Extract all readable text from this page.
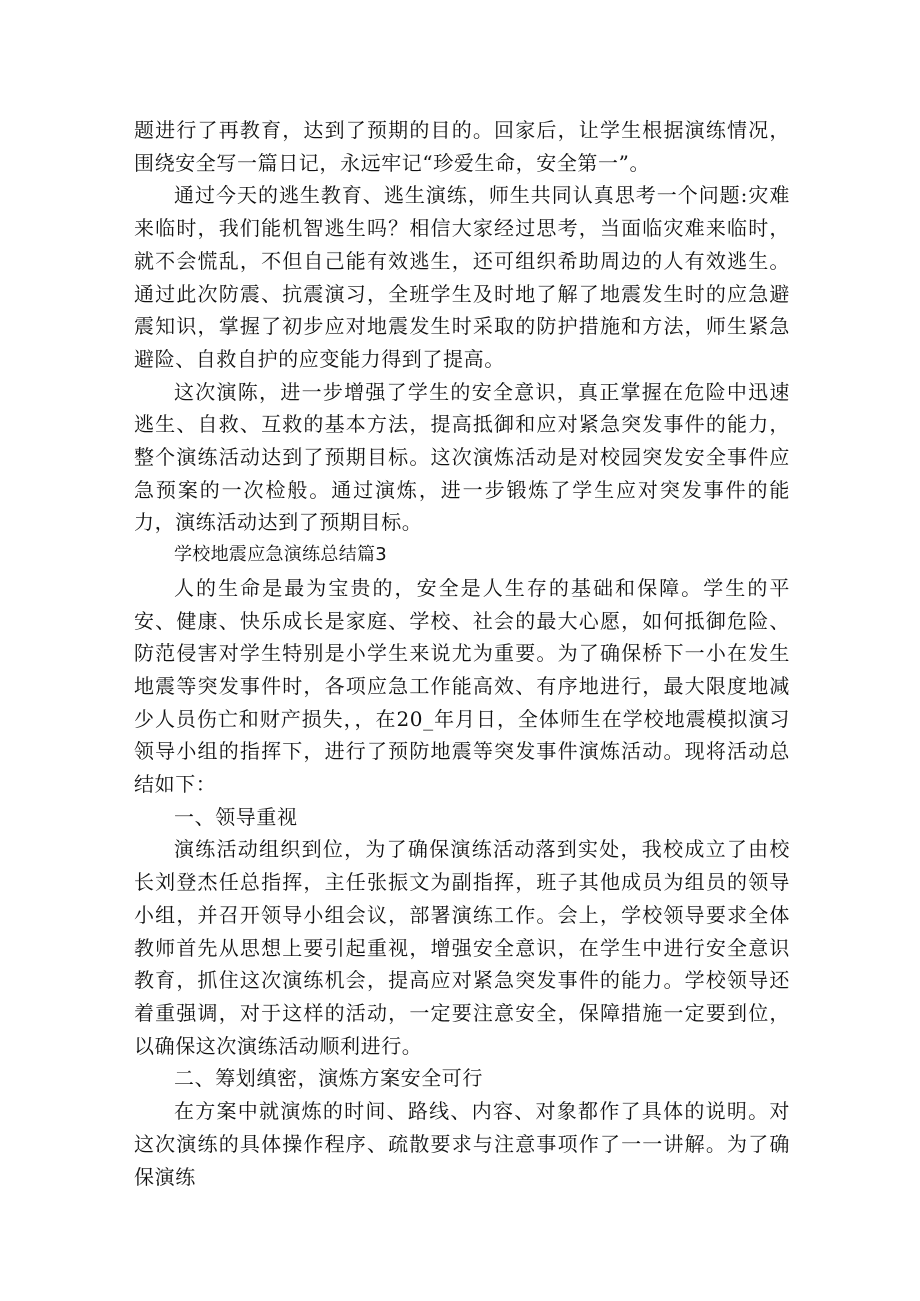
题进行了再教育，达到了预期的目的。回家后，让学生根据演练情况，围绕安全写一篇日记，永远牢记“珍爱生命，安全第一”。

通过今天的逃生教育、逃生演练，师生共同认真思考一个问题:灾难来临时，我们能机智逃生吗？相信大家经过思考，当面临灾难来临时，就不会慌乱，不但自己能有效逃生，还可组织希助周边的人有效逃生。通过此次防震、抗震演习，全班学生及时地了解了地震发生时的应急避震知识，掌握了初步应对地震发生时采取的防护措施和方法，师生紧急避险、自救自护的应变能力得到了提高。

这次演陈，进一步增强了学生的安全意识，真正掌握在危险中迅速逃生、自救、互救的基本方法，提高抵御和应对紧急突发事件的能力，整个演练活动达到了预期目标。这次演炼活动是对校园突发安全事件应急预案的一次检般。通过演炼，进一步锻炼了学生应对突发事件的能力，演练活动达到了预期目标。

学校地震应急演练总结篇3

人的生命是最为宝贵的，安全是人生存的基础和保障。学生的平安、健康、快乐成长是家庭、学校、社会的最大心愿，如何抵御危险、防范侵害对学生特别是小学生来说尤为重要。为了确保桥下一小在发生地震等突发事件时，各项应急工作能高效、有序地进行，最大限度地减少人员伤亡和财产损失，，在20_年月日，全体师生在学校地震模拟演习领导小组的指挥下，进行了预防地震等突发事件演炼活动。现将活动总结如下：

一、领导重视

演练活动组织到位，为了确保演练活动落到实处，我校成立了由校长刘登杰任总指挥，主任张振文为副指挥，班子其他成员为组员的领导小组，并召开领导小组会议，部署演练工作。会上，学校领导要求全体教师首先从思想上要引起重视，增强安全意识，在学生中进行安全意识教育，抓住这次演练机会，提高应对紧急突发事件的能力。学校领导还着重强调，对于这样的活动，一定要注意安全，保障措施一定要到位，以确保这次演练活动顺利进行。

二、筹划缜密，演炼方案安全可行

在方案中就演炼的时间、路线、内容、对象都作了具体的说明。对这次演练的具体操作程序、疏散要求与注意事项作了一一讲解。为了确保演练
